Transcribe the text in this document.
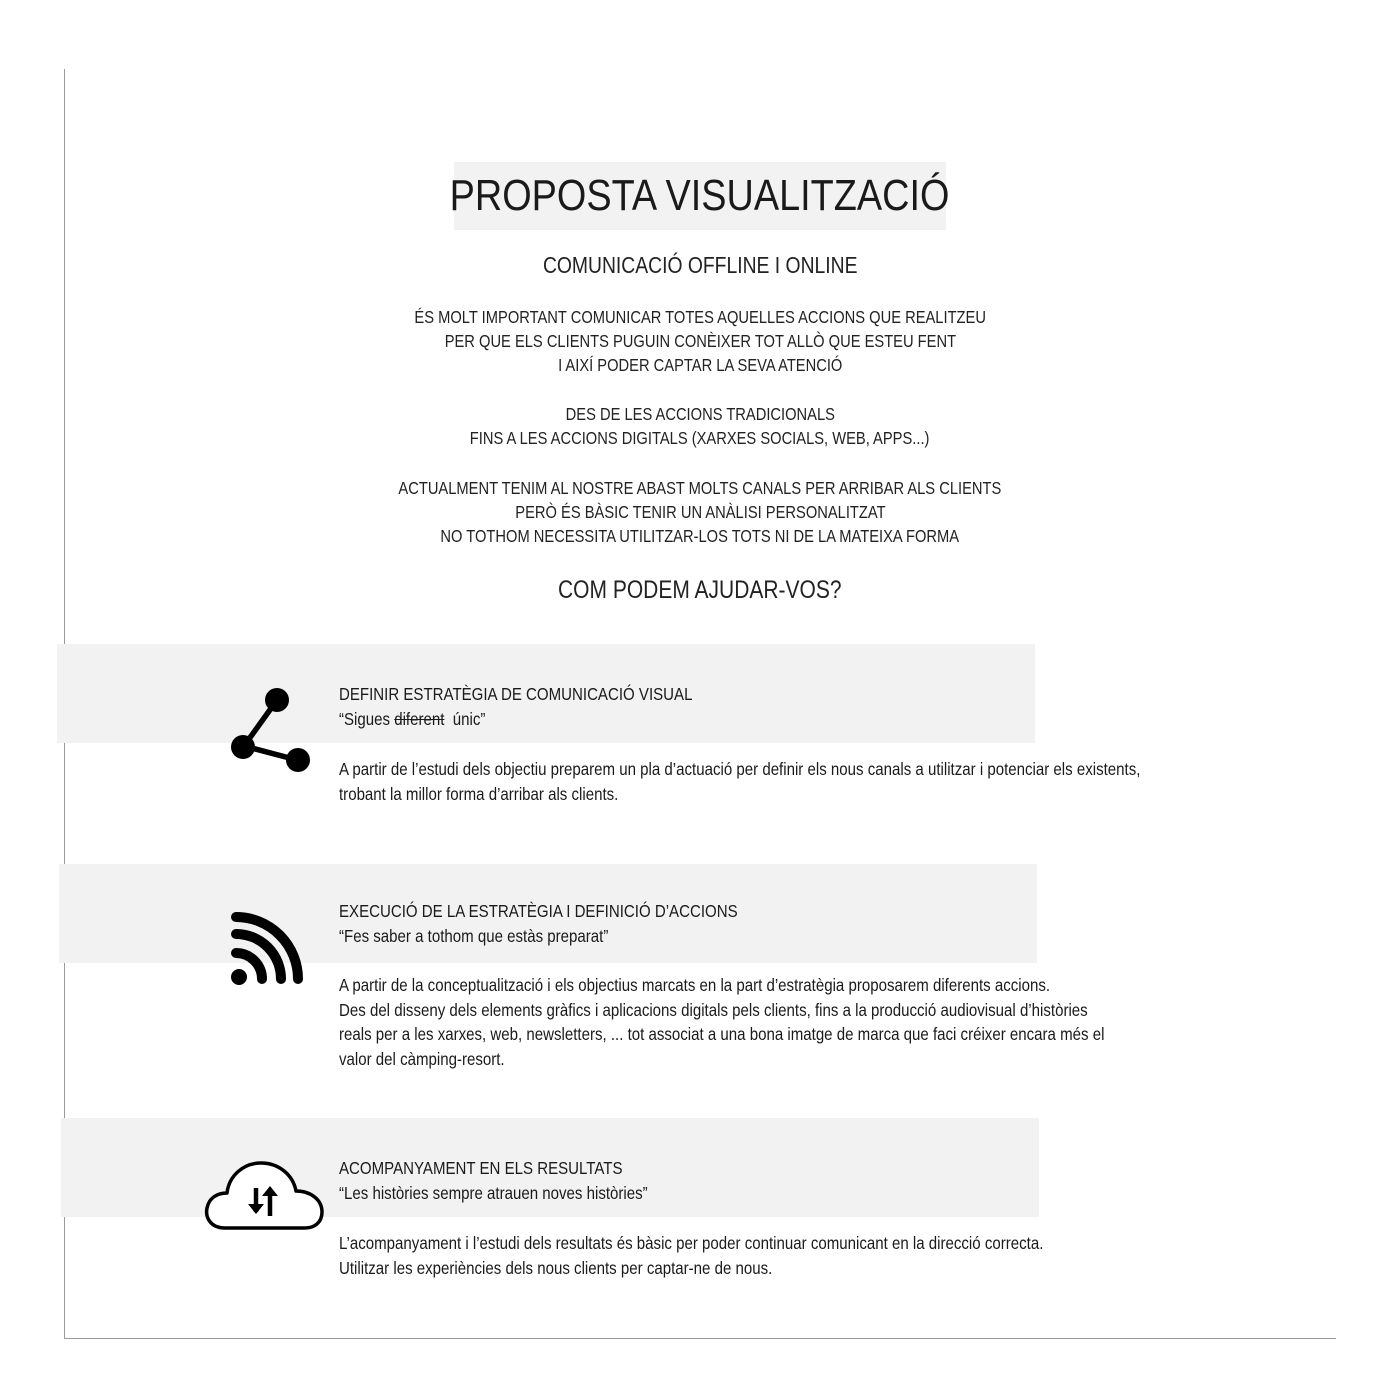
PROPOSTA VISUALITZACIÓ
COMUNICACIÓ OFFLINE I ONLINE

ÉS MOLT IMPORTANT COMUNICAR TOTES AQUELLES ACCIONS QUE REALITZEU

PER QUE ELS CLIENTS PUGUIN CONÈIXER TOT ALLÒ QUE ESTEU FENT

I AIXÍ PODER CAPTAR LA SEVA ATENCIÓ

DES DE LES ACCIONS TRADICIONALS

FINS A LES ACCIONS DIGITALS (XARXES SOCIALS, WEB, APPS...)

ACTUALMENT TENIM AL NOSTRE ABAST MOLTS CANALS PER ARRIBAR ALS CLIENTS

PERÒ ÉS BÀSIC TENIR UN ANÀLISI PERSONALITZAT

NO TOTHOM NECESSITA UTILITZAR-LOS TOTS NI DE LA MATEIXA FORMA

COM PODEM AJUDAR-VOS?
DEFINIR ESTRATÈGIA DE COMUNICACIÓ VISUAL
“Sigues diferent  únic”

A partir de l’estudi dels objectiu preparem un pla d’actuació per definir els nous canals a utilitzar i potenciar els existents,

trobant la millor forma d’arribar als clients.

EXECUCIÓ DE LA ESTRATÈGIA I DEFINICIÓ D’ACCIONS
“Fes saber a tothom que estàs preparat”

A partir de la conceptualització i els objectius marcats en la part d’estratègia proposarem diferents accions.

Des del disseny dels elements gràfics i aplicacions digitals pels clients, fins a la producció audiovisual d’històries

reals per a les xarxes, web, newsletters, ... tot associat a una bona imatge de marca que faci créixer encara més el

valor del càmping-resort.

ACOMPANYAMENT EN ELS RESULTATS
“Les històries sempre atrauen noves històries”

L’acompanyament i l’estudi dels resultats és bàsic per poder continuar comunicant en la direcció correcta.

Utilitzar les experiències dels nous clients per captar-ne de nous.
